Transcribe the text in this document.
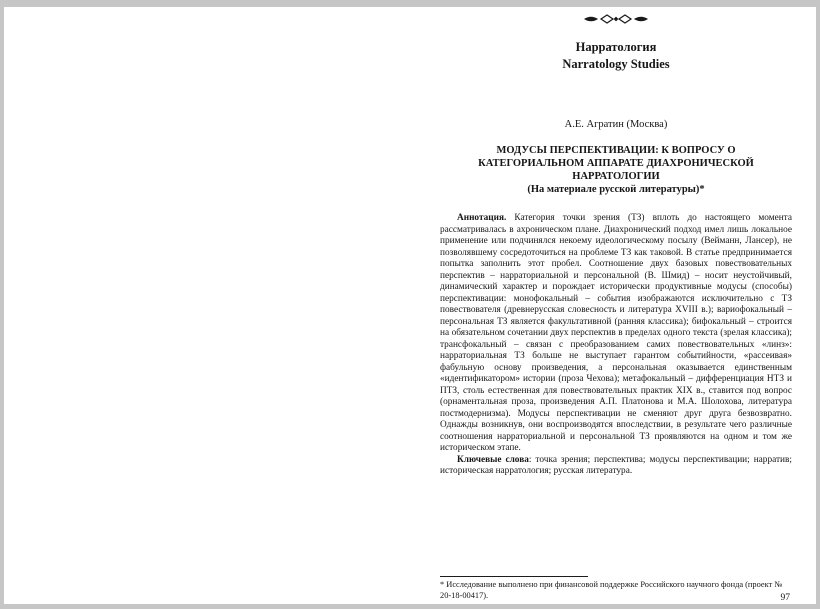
Нарратология
Narratology Studies
А.Е. Агратин (Москва)
МОДУСЫ ПЕРСПЕКТИВАЦИИ: К ВОПРОСУ О КАТЕГОРИАЛЬНОМ АППАРАТЕ ДИАХРОНИЧЕСКОЙ НАРРАТОЛОГИИ
(На материале русской литературы)*

Аннотация. Категория точки зрения (ТЗ) вплоть до настоящего момента рассматривалась в ахроническом плане. Диахронический подход имел лишь локальное применение или подчинялся некоему идеологическому посылу (Вейманн, Лансер), не позволявшему сосредоточиться на проблеме ТЗ как таковой. В статье предпринимается попытка заполнить этот пробел. Соотношение двух базовых повествовательных перспектив – нарраториальной и персональной (В. Шмид) – носит неустойчивый, динамический характер и порождает исторически продуктивные модусы (способы) перспективации: монофокальный – события изображаются исключительно с ТЗ повествователя (древнерусская словесность и литература XVIII в.); вариофокальный – персональная ТЗ является факультативной (ранняя классика); бифокальный – строится на обязательном сочетании двух перспектив в пределах одного текста (зрелая классика); трансфокальный – связан с преобразованием самих повествовательных «линз»: нарраториальная ТЗ больше не выступает гарантом событийности, «рассеивая» фабульную основу произведения, а персональная оказывается единственным «идентификатором» истории (проза Чехова); метафокальный – дифференциация НТЗ и ПТЗ, столь естественная для повествовательных практик XIX в., ставится под вопрос (орнаментальная проза, произведения А.П. Платонова и М.А. Шолохова, литература постмодернизма). Модусы перспективации не сменяют друг друга безвозвратно. Однажды возникнув, они воспроизводятся впоследствии, в результате чего различные соотношения нарраториальной и персональной ТЗ проявляются на одном и том же историческом этапе.

Ключевые слова: точка зрения; перспектива; модусы перспективации; нарратив; историческая нарратология; русская литература.

* Исследование выполнено при финансовой поддержке Российского научного фонда (проект № 20-18-00417).	97
